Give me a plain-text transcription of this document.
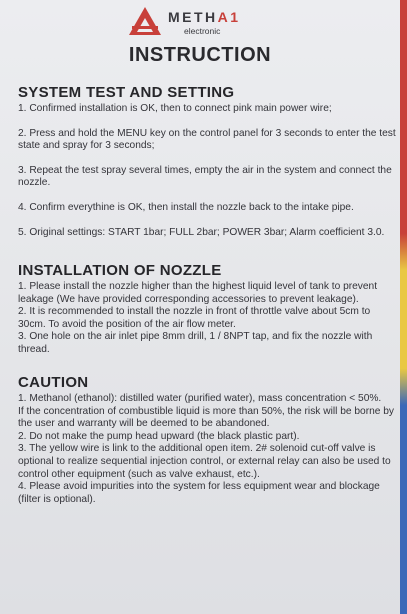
METHA1
electronic
INSTRUCTION
SYSTEM TEST AND SETTING

1. Confirmed installation is OK, then to connect pink main power wire;

2. Press and hold the MENU key on the control panel for 3 seconds to enter the test state and spray for 3 seconds;

3. Repeat the test spray several times, empty the air in the system and connect the nozzle.

4. Confirm everythine is OK, then install the nozzle back to the intake pipe.

5. Original settings: START 1bar; FULL 2bar; POWER 3bar; Alarm coefficient 3.0.

INSTALLATION OF NOZZLE

1. Please install the nozzle higher than the highest liquid level of tank to prevent leakage (We have provided corresponding accessories to prevent leakage).

2. It is recommended to install the nozzle in front of throttle valve about 5cm to 30cm. To avoid the position of the air flow meter.

3. One hole on the air inlet pipe 8mm drill, 1 / 8NPT tap, and fix the nozzle with thread.

CAUTION

1. Methanol (ethanol): distilled water (purified water), mass concentration < 50%.

If the concentration of combustible liquid is more than 50%, the risk will be borne by the user and warranty will be deemed to be abandoned.

2. Do not make the pump head upward (the black plastic part).

3. The yellow wire is link to the additional open item. 2# solenoid cut-off valve is optional to realize sequential injection control, or external relay can also be used to control other equipment (such as valve exhaust, etc.).

4. Please avoid impurities into the system for less equipment wear and blockage (filter is optional).
